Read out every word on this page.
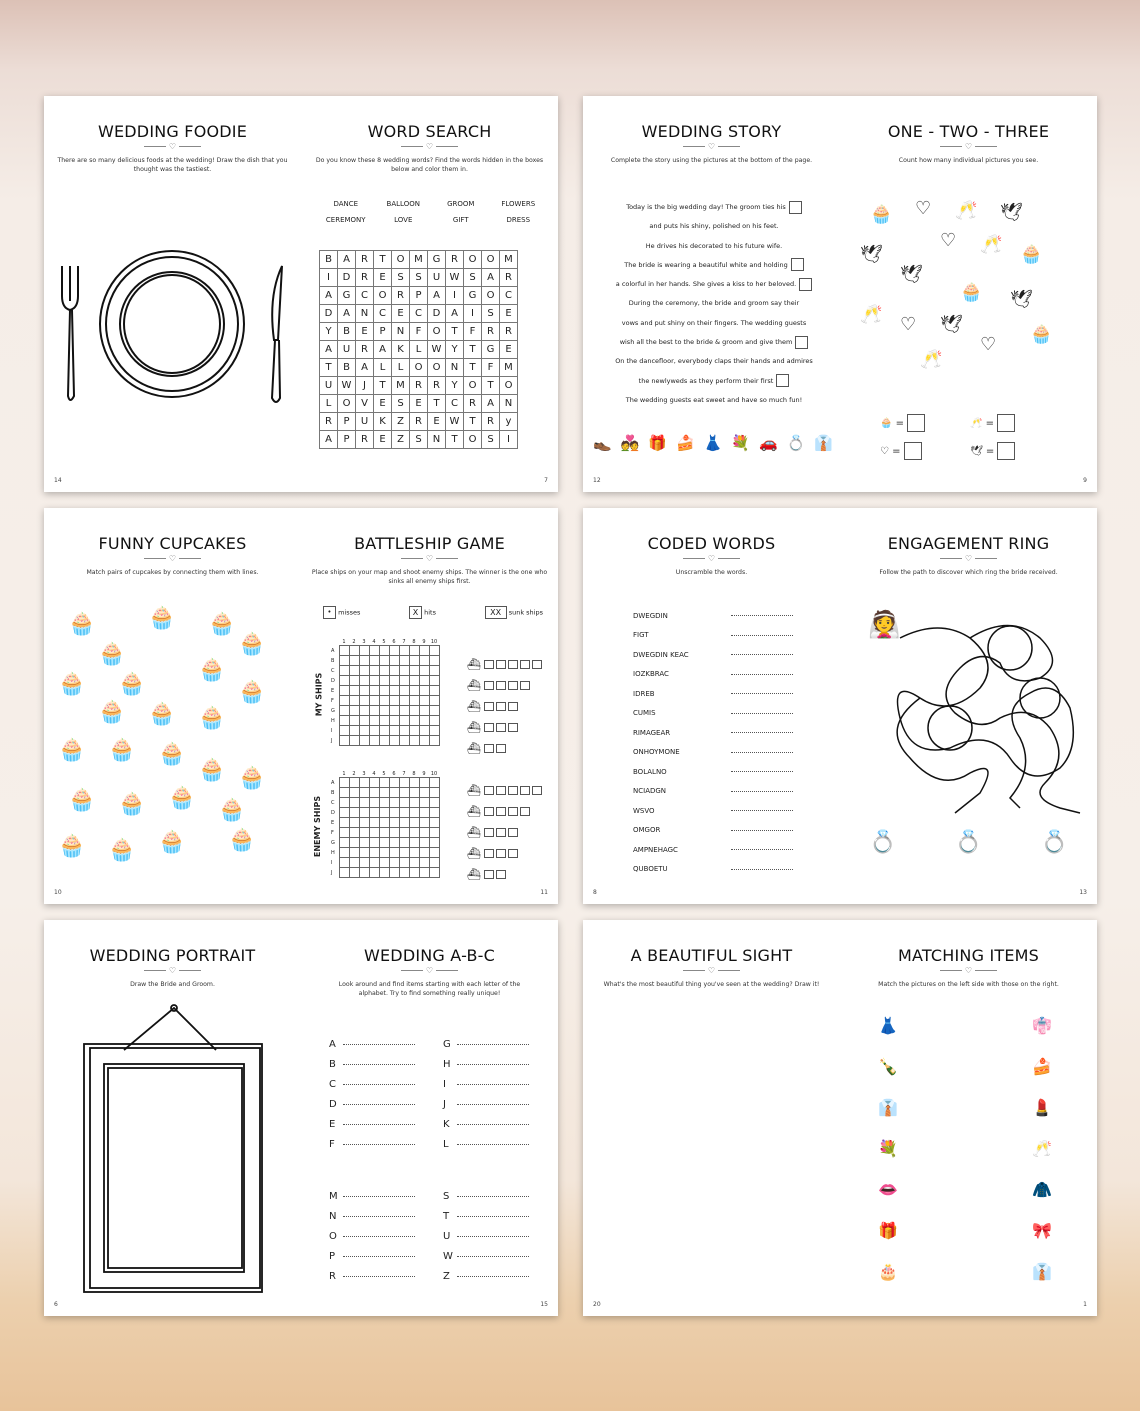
WEDDING FOODIE
♡
There are so many delicious foods at the wedding! Draw the dish that you thought was the tastiest.
14
WORD SEARCH
♡
Do you know these 8 wedding words? Find the words hidden in the boxes below and color them in.
DANCE	BALLOON	GROOM	FLOWERS
CEREMONY	LOVE	GIFT	DRESS
B	A	R	T	O	M	G	R	O	O	M
I	D	R	E	S	S	U	W	S	A	R
A	G	C	O	R	P	A	I	G	O	C
D	A	N	C	E	C	D	A	I	S	E
Y	B	E	P	N	F	O	T	F	R	R
A	U	R	A	K	L	W	Y	T	G	E
T	B	A	L	L	O	O	N	T	F	M
U	W	J	T	M	R	R	Y	O	T	O
L	O	V	E	S	E	T	C	R	A	N
R	P	U	K	Z	R	E	W	T	R	y
A	P	R	E	Z	S	N	T	O	S	I
7
WEDDING STORY
♡
Complete the story using the pictures at the bottom of the page.
Today is the big wedding day! The groom ties his
and puts his shiny, polished on his feet.
He drives his decorated to his future wife.
The bride is wearing a beautiful white and holding
a colorful in her hands. She gives a kiss to her beloved.
During the ceremony, the bride and groom say their
vows and put shiny on their fingers. The wedding guests
wish all the best to the bride & groom and give them
On the dancefloor, everybody claps their hands and admires
the newlyweds as they perform their first
The wedding guests eat sweet and have so much fun!
👞 💑 🎁 🍰 👗 💐 🚗 💍 👔
12
ONE - TWO - THREE
♡
Count how many individual pictures you see.
🧁 ♡ 🥂 🕊
🕊
♡ 🥂 🧁
🕊
🧁 🕊
🥂 ♡ 🕊	🧁
♡
🥂
🧁 =	🥂 =
♡ =	🕊 =
9
FUNNY CUPCAKES
♡
Match pairs of cupcakes by connecting them with lines.
🧁 🧁 🧁
🧁	🧁
🧁 🧁
🧁
🧁
🧁 🧁 🧁
🧁 🧁 🧁
🧁 🧁
🧁 🧁 🧁 🧁
🧁 🧁 🧁 🧁
10
BATTLESHIP GAME
♡
Place ships on your map and shoot enemy ships. The winner is the one who sinks all enemy ships first.
• misses	X hits	XX sunk ships
MY SHIPS
	1	2	3	4	5	6	7	8	9	10
A										
B										
C										
D										
E										
F										
G										
H										
I										
J										
ENEMY SHIPS
	1	2	3	4	5	6	7	8	9	10
A										
B										
C										
D										
E										
F										
G										
H										
I										
J										
⛴
⛴
⛴
⛴
⛴
⛴
⛴
⛴
⛴
⛴
11
CODED WORDS
♡
Unscramble the words.
DWEGDIN
FIGT
DWEGDIN KEAC
IOZKBRAC
IDREB
CUMIS
RIMAGEAR
ONHOYMONE
BOLALNO
NCIADGN
WSVO
OMGOR
AMPNEHAGC
QUBOETU
8
ENGAGEMENT RING
♡
Follow the path to discover which ring the bride received.
👰
💍	💍	💍
13
WEDDING PORTRAIT
♡
Draw the Bride and Groom.
6
WEDDING A-B-C
♡
Look around and find items starting with each letter of the alphabet. Try to find something really unique!
A
B
C
D
E
F
G
H
I
J
K
L
M
N
O
P
R
S
T
U
W
Z
15
A BEAUTIFUL SIGHT
♡
What's the most beautiful thing you've seen at the wedding? Draw it!
20
MATCHING ITEMS
♡
Match the pictures on the left side with those on the right.
👗
🍾
👔
💐
👄
🎁
🎂
👘
🍰
💄
🥂
🧥
🎀
👔
1
